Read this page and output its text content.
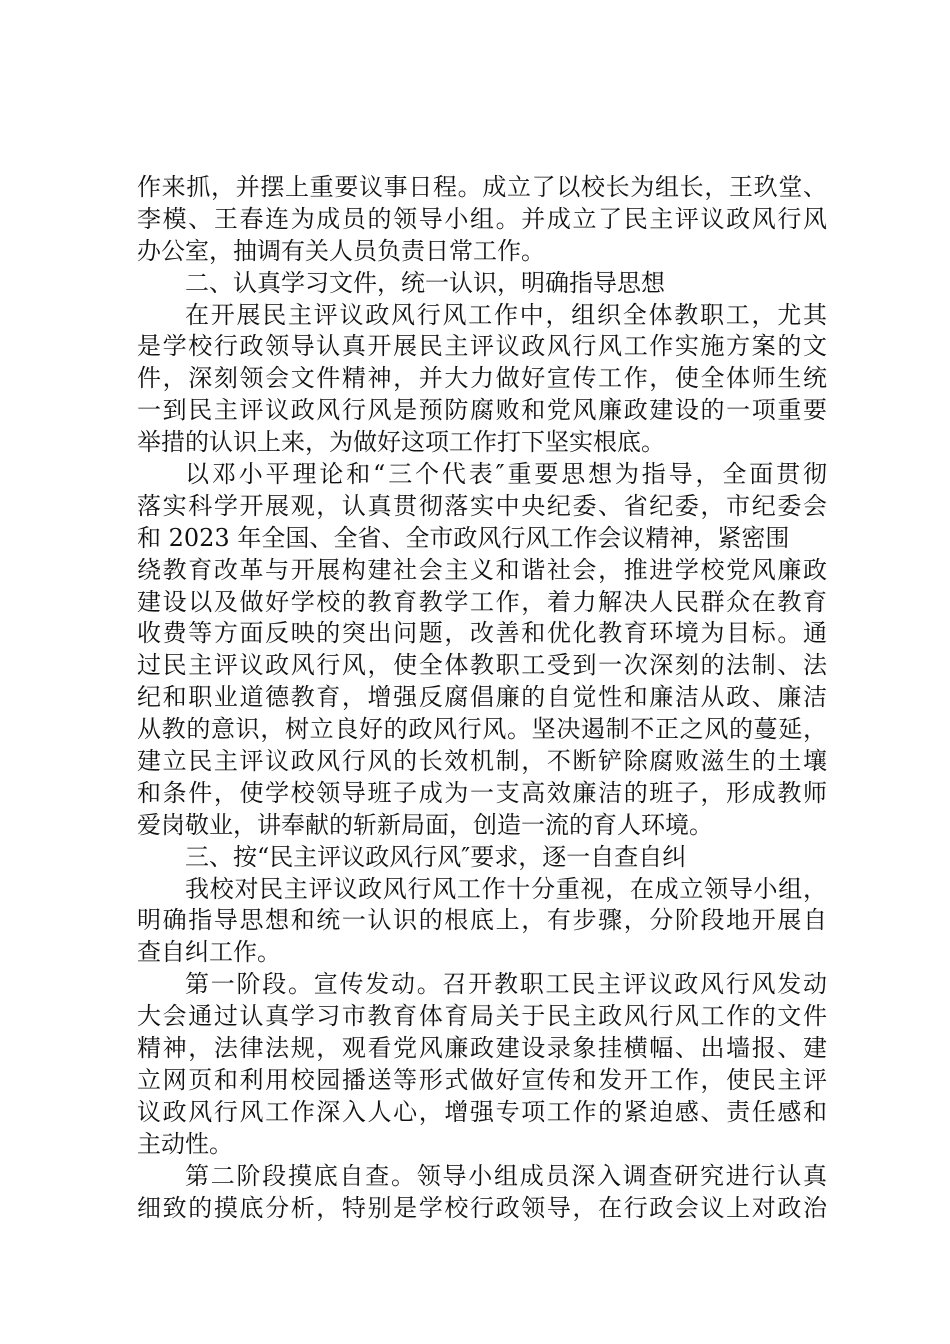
作来抓，并摆上重要议事日程。成立了以校长为组长，王玖堂、
李模、王春连为成员的领导小组。并成立了民主评议政风行风
办公室，抽调有关人员负责日常工作。
二、认真学习文件，统一认识，明确指导思想
在开展民主评议政风行风工作中，组织全体教职工，尤其
是学校行政领导认真开展民主评议政风行风工作实施方案的文
件，深刻领会文件精神，并大力做好宣传工作，使全体师生统
一到民主评议政风行风是预防腐败和党风廉政建设的一项重要
举措的认识上来，为做好这项工作打下坚实根底。
以邓小平理论和“三个代表″重要思想为指导，全面贯彻
落实科学开展观，认真贯彻落实中央纪委、省纪委，市纪委会
和 2023 年全国、全省、全市政风行风工作会议精神，紧密围
绕教育改革与开展构建社会主义和谐社会，推进学校党风廉政
建设以及做好学校的教育教学工作，着力解决人民群众在教育
收费等方面反映的突出问题，改善和优化教育环境为目标。通
过民主评议政风行风，使全体教职工受到一次深刻的法制、法
纪和职业道德教育，增强反腐倡廉的自觉性和廉洁从政、廉洁
从教的意识，树立良好的政风行风。坚决遏制不正之风的蔓延，
建立民主评议政风行风的长效机制，不断铲除腐败滋生的土壤
和条件，使学校领导班子成为一支高效廉洁的班子，形成教师
爱岗敬业，讲奉献的斩新局面，创造一流的育人环境。
三、按“民主评议政风行风″要求，逐一自查自纠
我校对民主评议政风行风工作十分重视，在成立领导小组，
明确指导思想和统一认识的根底上，有步骤，分阶段地开展自
查自纠工作。
第一阶段。宣传发动。召开教职工民主评议政风行风发动
大会通过认真学习市教育体育局关于民主政风行风工作的文件
精神，法律法规，观看党风廉政建设录象挂横幅、出墙报、建
立网页和利用校园播送等形式做好宣传和发开工作，使民主评
议政风行风工作深入人心，增强专项工作的紧迫感、责任感和
主动性。
第二阶段摸底自查。领导小组成员深入调查研究进行认真
细致的摸底分析，特别是学校行政领导，在行政会议上对政治
